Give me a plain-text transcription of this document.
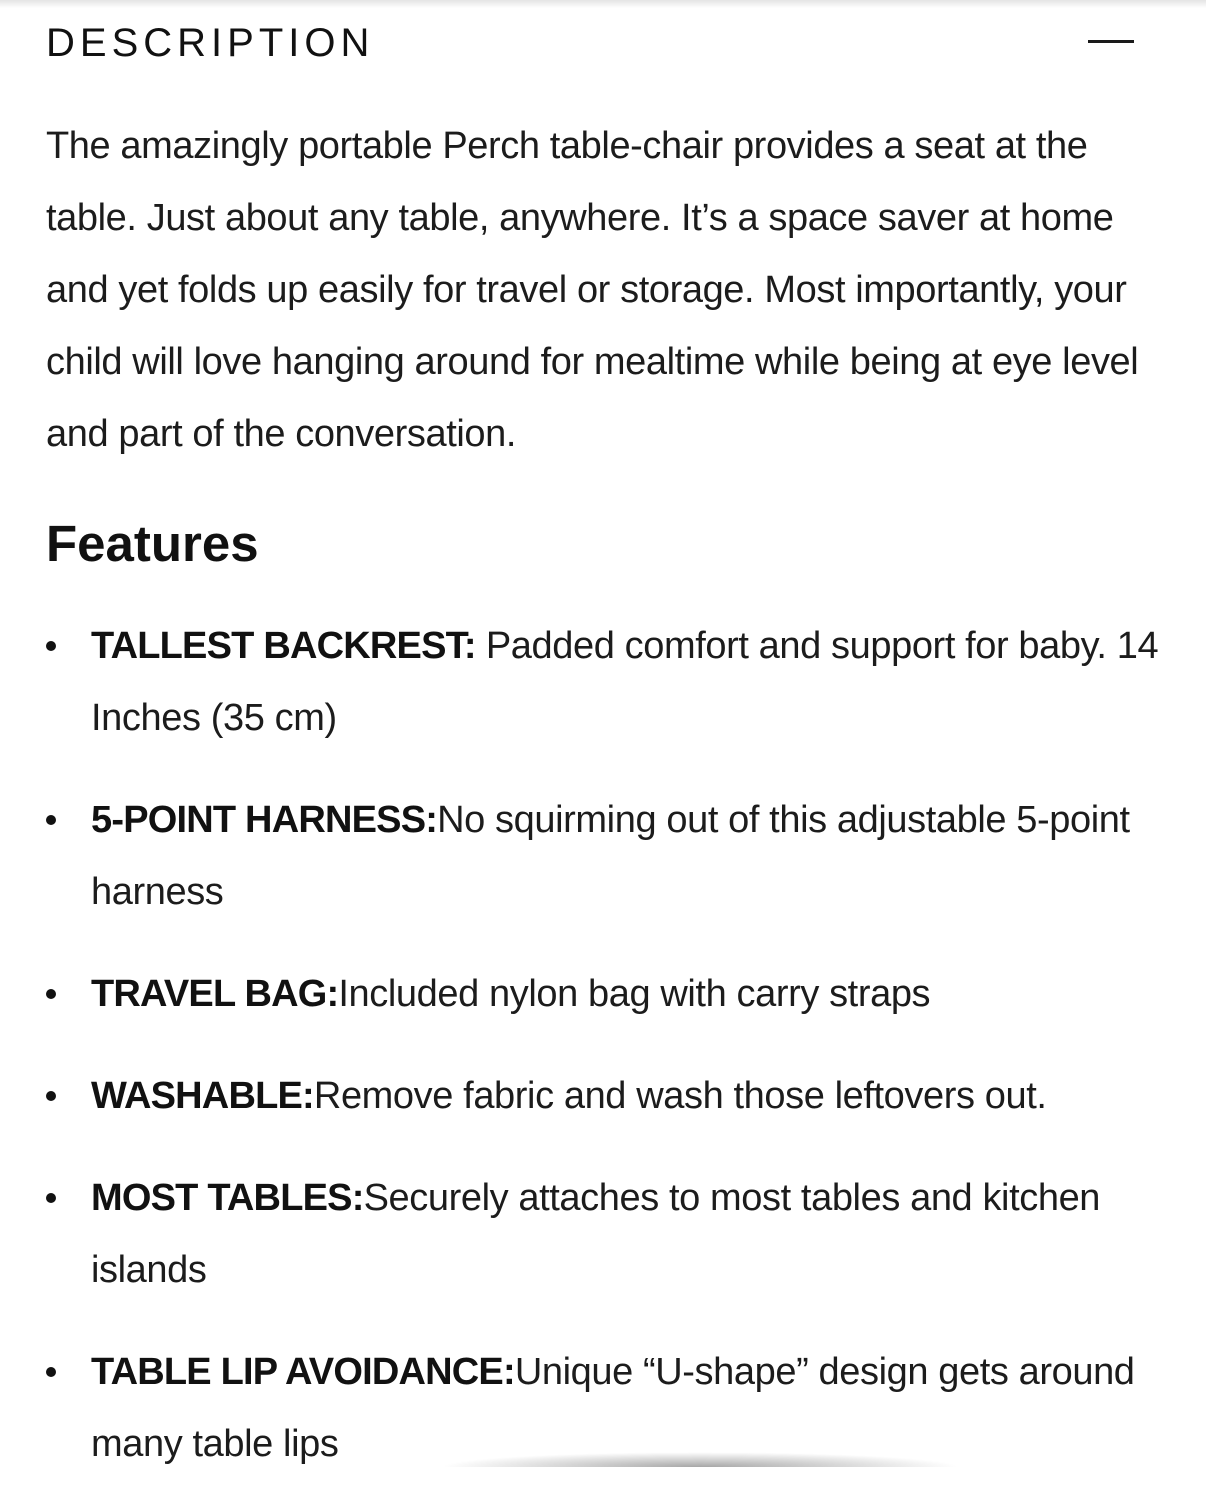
DESCRIPTION

The amazingly portable Perch table-chair provides a seat at the table. Just about any table, anywhere. It’s a space saver at home and yet folds up easily for travel or storage. Most importantly, your child will love hanging around for mealtime while being at eye level and part of the conversation.

Features
TALLEST BACKREST: Padded comfort and support for baby. 14 Inches (35 cm)
5-POINT HARNESS:No squirming out of this adjustable 5-point harness
TRAVEL BAG:Included nylon bag with carry straps
WASHABLE:Remove fabric and wash those leftovers out.
MOST TABLES:Securely attaches to most tables and kitchen islands
TABLE LIP AVOIDANCE:Unique “U-shape” design gets around many table lips
